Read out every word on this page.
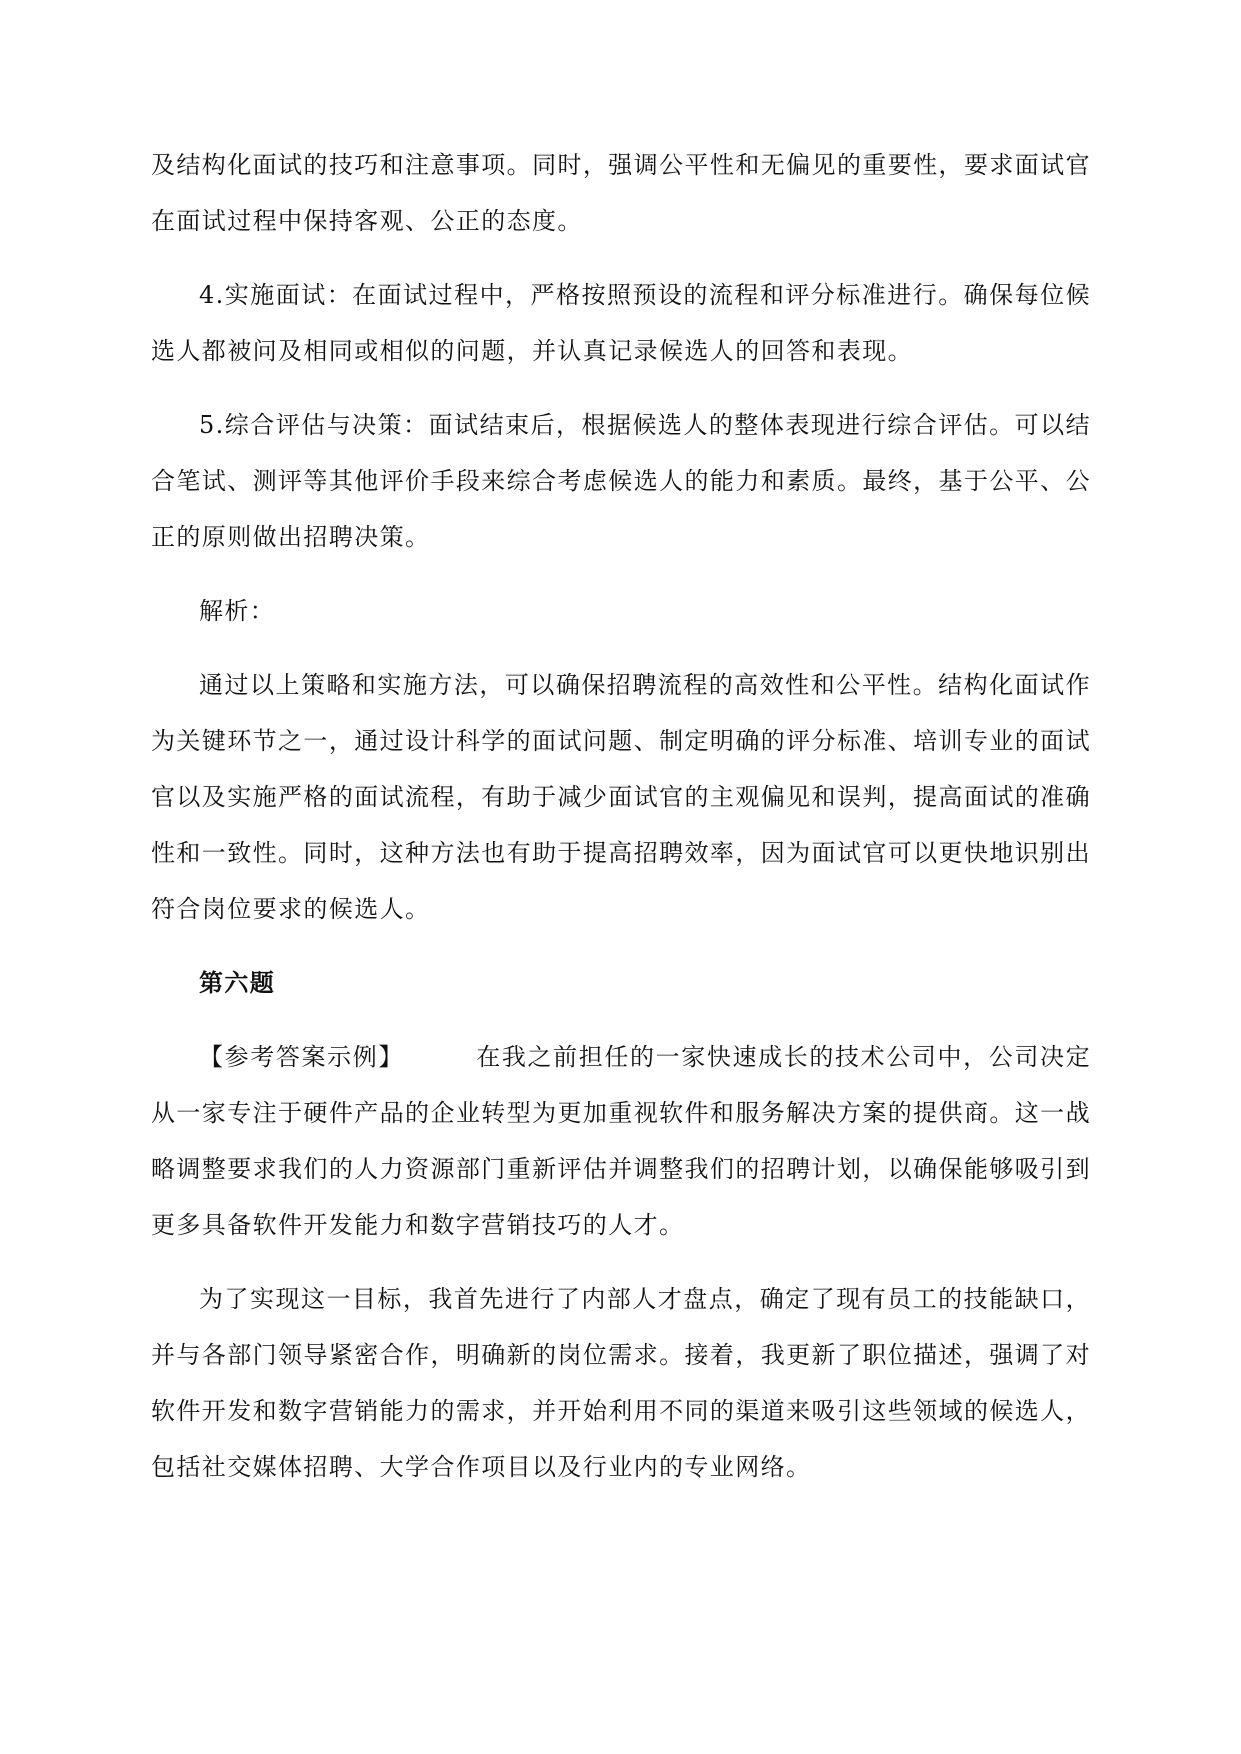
及结构化面试的技巧和注意事项。同时，强调公平性和无偏见的重要性，要求面试官在面试过程中保持客观、公正的态度。

4.实施面试：在面试过程中，严格按照预设的流程和评分标准进行。确保每位候选人都被问及相同或相似的问题，并认真记录候选人的回答和表现。

5.综合评估与决策：面试结束后，根据候选人的整体表现进行综合评估。可以结合笔试、测评等其他评价手段来综合考虑候选人的能力和素质。最终，基于公平、公正的原则做出招聘决策。

解析：

通过以上策略和实施方法，可以确保招聘流程的高效性和公平性。结构化面试作为关键环节之一，通过设计科学的面试问题、制定明确的评分标准、培训专业的面试官以及实施严格的面试流程，有助于减少面试官的主观偏见和误判，提高面试的准确性和一致性。同时，这种方法也有助于提高招聘效率，因为面试官可以更快地识别出符合岗位要求的候选人。

第六题

【参考答案示例】	在我之前担任的一家快速成长的技术公司中，公司决定从一家专注于硬件产品的企业转型为更加重视软件和服务解决方案的提供商。这一战略调整要求我们的人力资源部门重新评估并调整我们的招聘计划，以确保能够吸引到更多具备软件开发能力和数字营销技巧的人才。

为了实现这一目标，我首先进行了内部人才盘点，确定了现有员工的技能缺口，并与各部门领导紧密合作，明确新的岗位需求。接着，我更新了职位描述，强调了对软件开发和数字营销能力的需求，并开始利用不同的渠道来吸引这些领域的候选人，包括社交媒体招聘、大学合作项目以及行业内的专业网络。
